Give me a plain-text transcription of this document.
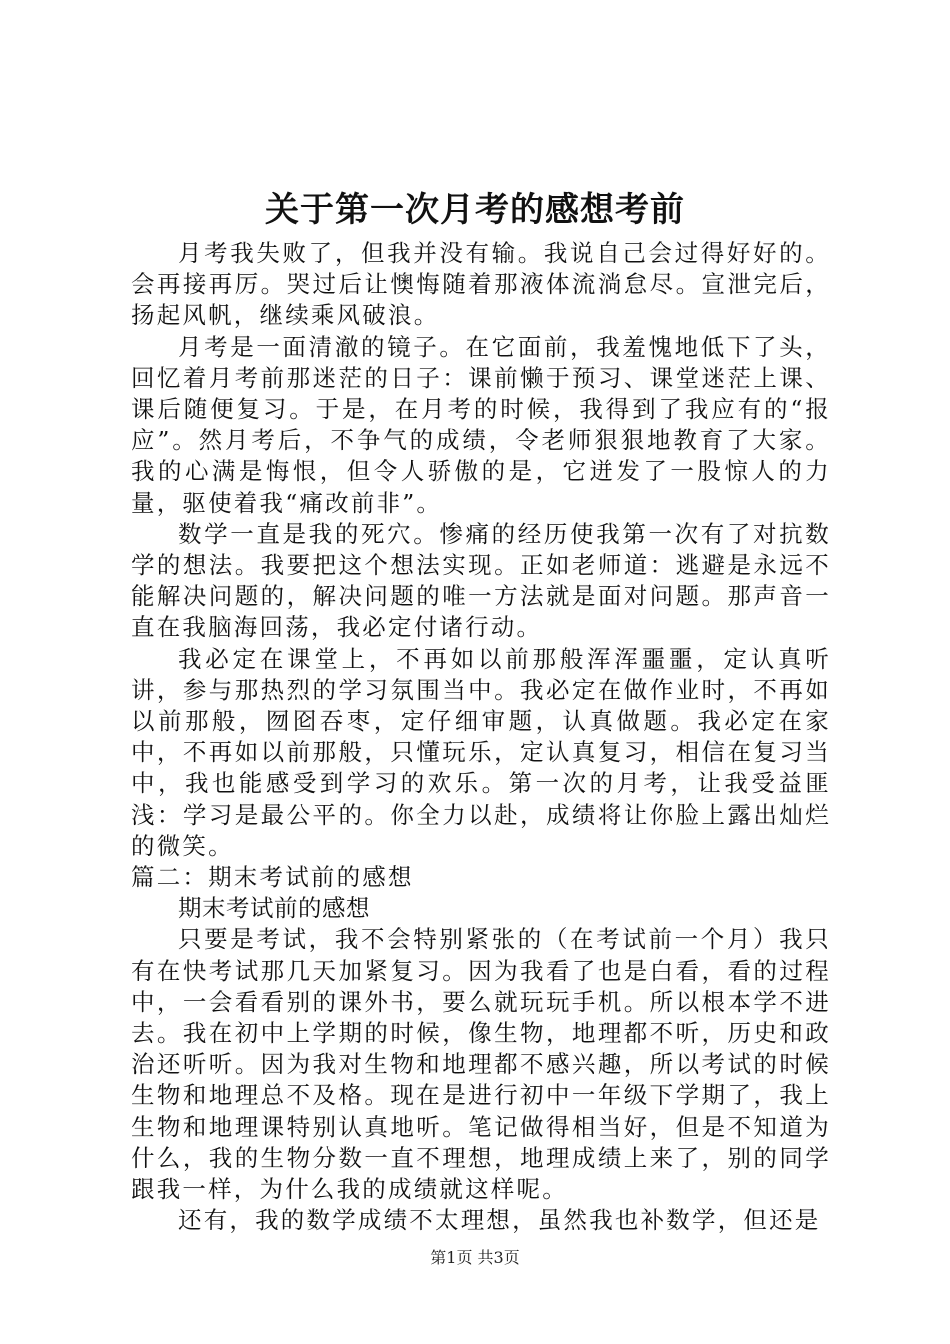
关于第一次月考的感想考前

月考我失败了，但我并没有输。我说自己会过得好好的。会再接再厉。哭过后让懊悔随着那液体流淌怠尽。宣泄完后，扬起风帆，继续乘风破浪。

月考是一面清澈的镜子。在它面前，我羞愧地低下了头，回忆着月考前那迷茫的日子：课前懒于预习、课堂迷茫上课、课后随便复习。于是，在月考的时候，我得到了我应有的“报应”。然月考后，不争气的成绩，令老师狠狠地教育了大家。我的心满是悔恨，但令人骄傲的是，它迸发了一股惊人的力量，驱使着我“痛改前非”。

数学一直是我的死穴。惨痛的经历使我第一次有了对抗数学的想法。我要把这个想法实现。正如老师道：逃避是永远不能解决问题的，解决问题的唯一方法就是面对问题。那声音一直在我脑海回荡，我必定付诸行动。

我必定在课堂上，不再如以前那般浑浑噩噩，定认真听讲，参与那热烈的学习氛围当中。我必定在做作业时，不再如以前那般，囫囵吞枣，定仔细审题，认真做题。我必定在家中，不再如以前那般，只懂玩乐，定认真复习，相信在复习当中，我也能感受到学习的欢乐。第一次的月考，让我受益匪浅：学习是最公平的。你全力以赴，成绩将让你脸上露出灿烂的微笑。

篇二：期末考试前的感想

期末考试前的感想

只要是考试，我不会特别紧张的（在考试前一个月）我只有在快考试那几天加紧复习。因为我看了也是白看，看的过程中，一会看看别的课外书，要么就玩玩手机。所以根本学不进去。我在初中上学期的时候，像生物，地理都不听，历史和政治还听听。因为我对生物和地理都不感兴趣，所以考试的时候生物和地理总不及格。现在是进行初中一年级下学期了，我上生物和地理课特别认真地听。笔记做得相当好，但是不知道为什么，我的生物分数一直不理想，地理成绩上来了，别的同学跟我一样，为什么我的成绩就这样呢。

还有，我的数学成绩不太理想，虽然我也补数学，但还是

第1页 共3页
